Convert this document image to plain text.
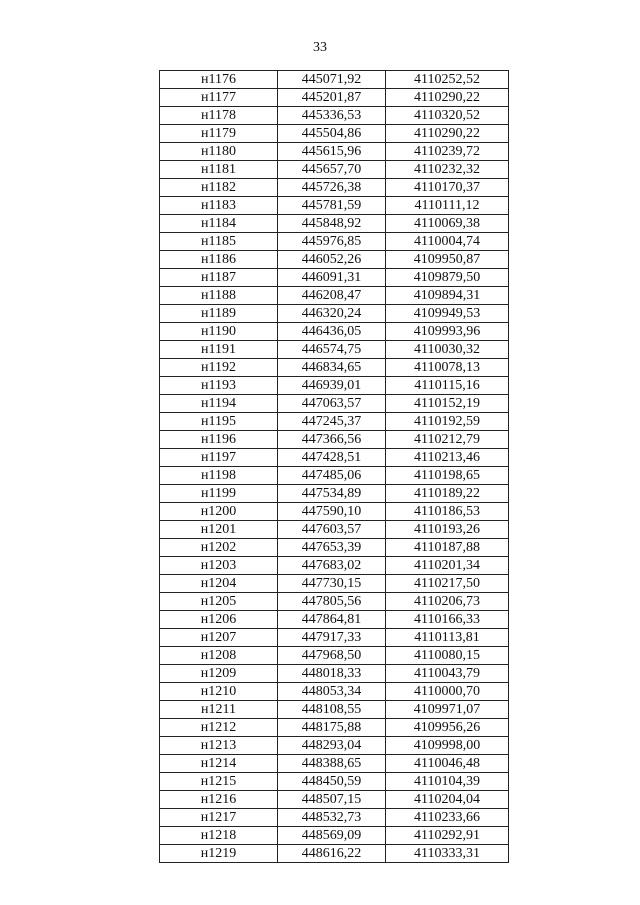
33
н1176	445071,92	4110252,52
н1177	445201,87	4110290,22
н1178	445336,53	4110320,52
н1179	445504,86	4110290,22
н1180	445615,96	4110239,72
н1181	445657,70	4110232,32
н1182	445726,38	4110170,37
н1183	445781,59	4110111,12
н1184	445848,92	4110069,38
н1185	445976,85	4110004,74
н1186	446052,26	4109950,87
н1187	446091,31	4109879,50
н1188	446208,47	4109894,31
н1189	446320,24	4109949,53
н1190	446436,05	4109993,96
н1191	446574,75	4110030,32
н1192	446834,65	4110078,13
н1193	446939,01	4110115,16
н1194	447063,57	4110152,19
н1195	447245,37	4110192,59
н1196	447366,56	4110212,79
н1197	447428,51	4110213,46
н1198	447485,06	4110198,65
н1199	447534,89	4110189,22
н1200	447590,10	4110186,53
н1201	447603,57	4110193,26
н1202	447653,39	4110187,88
н1203	447683,02	4110201,34
н1204	447730,15	4110217,50
н1205	447805,56	4110206,73
н1206	447864,81	4110166,33
н1207	447917,33	4110113,81
н1208	447968,50	4110080,15
н1209	448018,33	4110043,79
н1210	448053,34	4110000,70
н1211	448108,55	4109971,07
н1212	448175,88	4109956,26
н1213	448293,04	4109998,00
н1214	448388,65	4110046,48
н1215	448450,59	4110104,39
н1216	448507,15	4110204,04
н1217	448532,73	4110233,66
н1218	448569,09	4110292,91
н1219	448616,22	4110333,31
